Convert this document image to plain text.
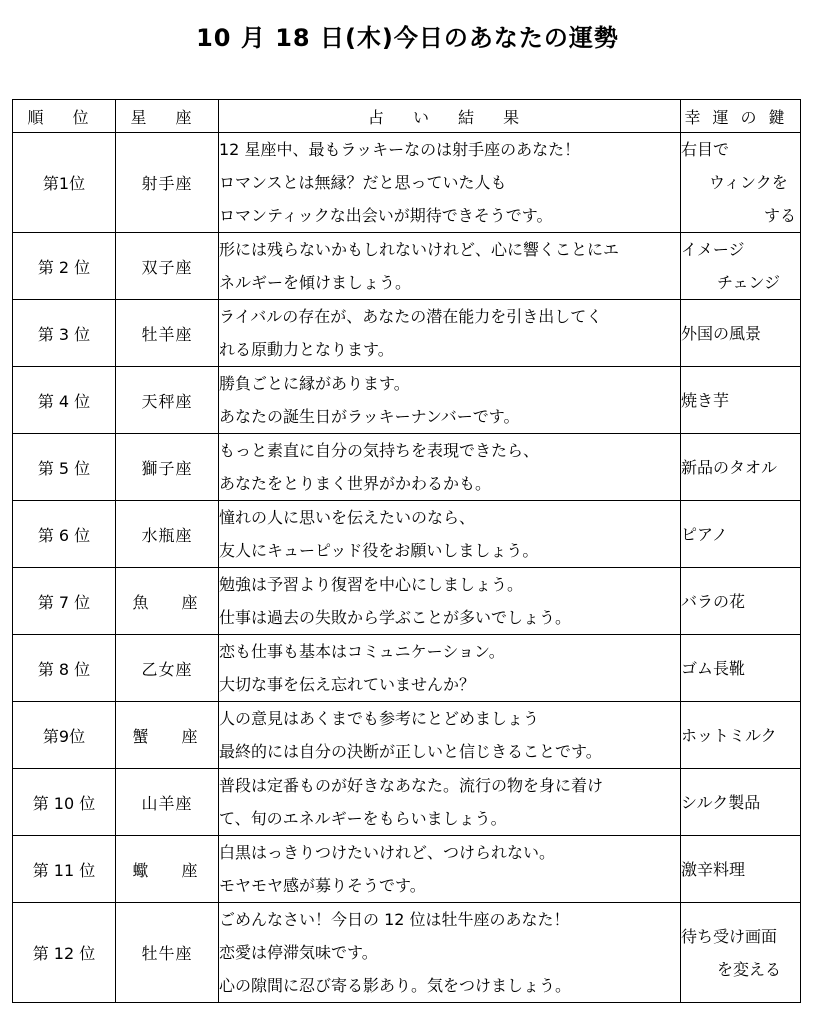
10 月 18 日(木)今日のあなたの運勢
順 位	星 座	占 い 結 果	幸運の鍵
第1位	射手座	12 星座中、最もラッキーなのは射手座のあなた！
ロマンスとは無縁？だと思っていた人も
ロマンティックな出会いが期待できそうです。	右目で
ウィンクを
する

第 2 位	双子座	形には残らないかもしれないけれど、心に響くことにエ
ネルギーを傾けましょう。	イメージ
チェンジ

第 3 位	牡羊座	ライバルの存在が、あなたの潜在能力を引き出してく
れる原動力となります。	外国の風景

第 4 位	天秤座	勝負ごとに縁があります。
あなたの誕生日がラッキーナンバーです。	焼き芋

第 5 位	獅子座	もっと素直に自分の気持ちを表現できたら、
あなたをとりまく世界がかわるかも。	新品のタオル

第 6 位	水瓶座	憧れの人に思いを伝えたいのなら、
友人にキューピッド役をお願いしましょう。	ピアノ

第 7 位	魚 座	勉強は予習より復習を中心にしましょう。
仕事は過去の失敗から学ぶことが多いでしょう。	バラの花

第 8 位	乙女座	恋も仕事も基本はコミュニケーション。
大切な事を伝え忘れていませんか？	ゴム長靴

第9位	蟹 座	人の意見はあくまでも参考にとどめましょう
最終的には自分の決断が正しいと信じきることです。	ホットミルク

第 10 位	山羊座	普段は定番ものが好きなあなた。流行の物を身に着け
て、旬のエネルギーをもらいましょう。	シルク製品

第 11 位	蠍 座	白黒はっきりつけたいけれど、つけられない。
モヤモヤ感が募りそうです。	激辛料理

第 12 位	牡牛座	ごめんなさい！今日の 12 位は牡牛座のあなた！
恋愛は停滞気味です。
心の隙間に忍び寄る影あり。気をつけましょう。	待ち受け画面
を変える
